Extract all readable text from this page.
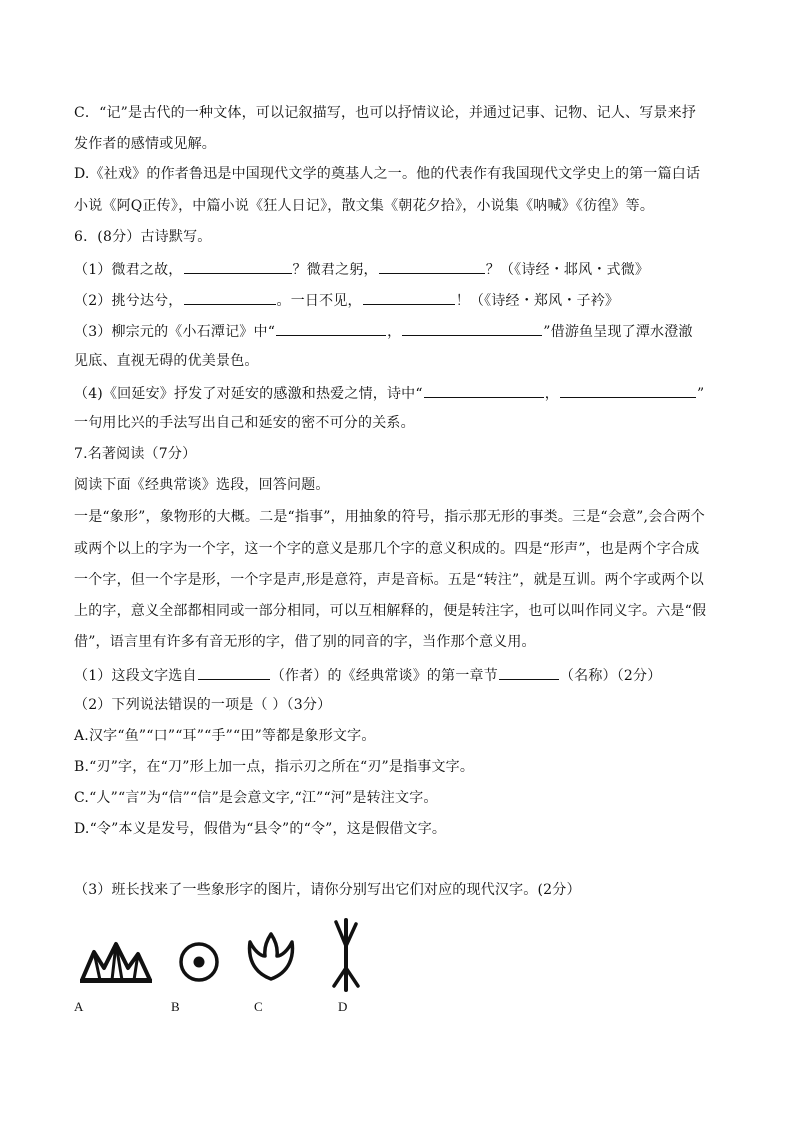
C．“记”是古代的一种文体，可以记叙描写，也可以抒情议论，并通过记事、记物、记人、写景来抒
发作者的感情或见解。
D.《社戏》的作者鲁迅是中国现代文学的奠基人之一。他的代表作有我国现代文学史上的第一篇白话
小说《阿Q正传》，中篇小说《狂人日记》，散文集《朝花夕拾》，小说集《呐喊》《彷徨》等。
6．(8分）古诗默写。
（1）微君之故，	？微君之躬，	？（《诗经・邶风・式微》
（2）挑兮达兮，	。一日不见，	！（《诗经・郑风・子衿》
（3）柳宗元的《小石潭记》中“	，	”借游鱼呈现了潭水澄澈
见底、直视无碍的优美景色。
（4)《回延安》抒发了对延安的感激和热爱之情，诗中“	，	”
一句用比兴的手法写出自己和延安的密不可分的关系。
7.名著阅读（7分）
阅读下面《经典常谈》选段，回答问题。
一是“象形”，象物形的大概。二是“指事”，用抽象的符号，指示那无形的事类。三是“会意”,会合两个
或两个以上的字为一个字，这一个字的意义是那几个字的意义积成的。四是“形声”，也是两个字合成
一个字，但一个字是形，一个字是声,形是意符，声是音标。五是“转注”，就是互训。两个字或两个以
上的字，意义全部都相同或一部分相同，可以互相解释的，便是转注字，也可以叫作同义字。六是“假
借”，语言里有许多有音无形的字，借了别的同音的字，当作那个意义用。
（1）这段文字选自	（作者）的《经典常谈》的第一章节	（名称）（2分）
（2）下列说法错误的一项是（ ）（3分）
A.汉字“鱼”“口”“耳”“手”“田”等都是象形文字。
B.“刃”字，在“刀”形上加一点，指示刃之所在“刃”是指事文字。
C.“人”“言”为“信”“信”是会意文字,“江”“河”是转注文字。
D.“令”本义是发号，假借为“县令”的“令”，这是假借文字。
（3）班长找来了一些象形字的图片，请你分别写出它们对应的现代汉字。(2分）
A	B	C	D
